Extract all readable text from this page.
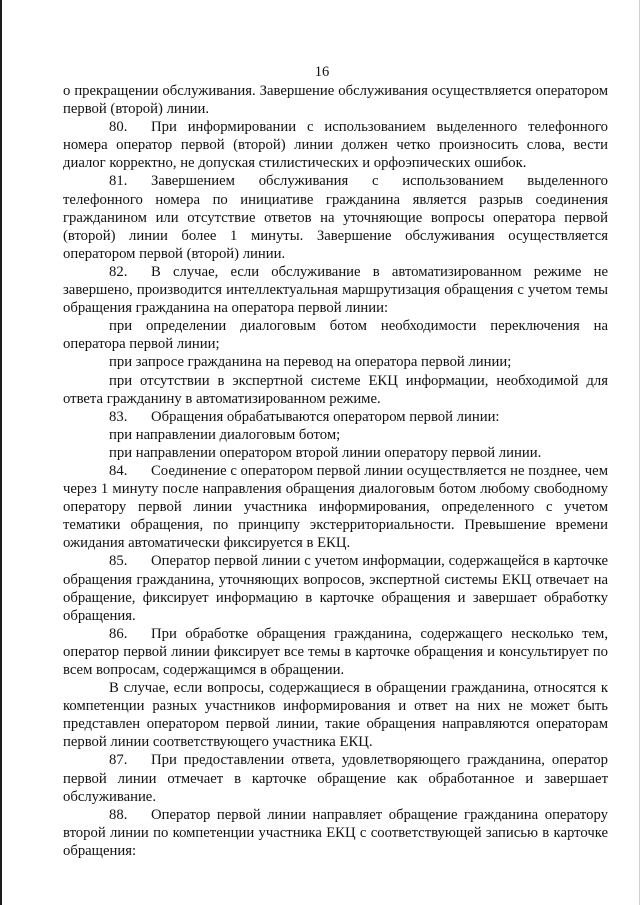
16

о прекращении обслуживания. Завершение обслуживания осуществляется оператором первой (второй) линии.

80. При информировании с использованием выделенного телефонного номера оператор первой (второй) линии должен четко произносить слова, вести диалог корректно, не допуская стилистических и орфоэпических ошибок.

81. Завершением обслуживания с использованием выделенного телефонного номера по инициативе гражданина является разрыв соединения гражданином или отсутствие ответов на уточняющие вопросы оператора первой (второй) линии более 1 минуты. Завершение обслуживания осуществляется оператором первой (второй) линии.

82. В случае, если обслуживание в автоматизированном режиме не завершено, производится интеллектуальная маршрутизация обращения с учетом темы обращения гражданина на оператора первой линии:

при определении диалоговым ботом необходимости переключения на оператора первой линии;

при запросе гражданина на перевод на оператора первой линии;

при отсутствии в экспертной системе ЕКЦ информации, необходимой для ответа гражданину в автоматизированном режиме.

83. Обращения обрабатываются оператором первой линии:

при направлении диалоговым ботом;

при направлении оператором второй линии оператору первой линии.

84. Соединение с оператором первой линии осуществляется не позднее, чем через 1 минуту после направления обращения диалоговым ботом любому свободному оператору первой линии участника информирования, определенного с учетом тематики обращения, по принципу экстерриториальности. Превышение времени ожидания автоматически фиксируется в ЕКЦ.

85. Оператор первой линии с учетом информации, содержащейся в карточке обращения гражданина, уточняющих вопросов, экспертной системы ЕКЦ отвечает на обращение, фиксирует информацию в карточке обращения и завершает обработку обращения.

86. При обработке обращения гражданина, содержащего несколько тем, оператор первой линии фиксирует все темы в карточке обращения и консультирует по всем вопросам, содержащимся в обращении.

В случае, если вопросы, содержащиеся в обращении гражданина, относятся к компетенции разных участников информирования и ответ на них не может быть представлен оператором первой линии, такие обращения направляются операторам первой линии соответствующего участника ЕКЦ.

87. При предоставлении ответа, удовлетворяющего гражданина, оператор первой линии отмечает в карточке обращение как обработанное и завершает обслуживание.

88. Оператор первой линии направляет обращение гражданина оператору второй линии по компетенции участника ЕКЦ с соответствующей записью в карточке обращения:
